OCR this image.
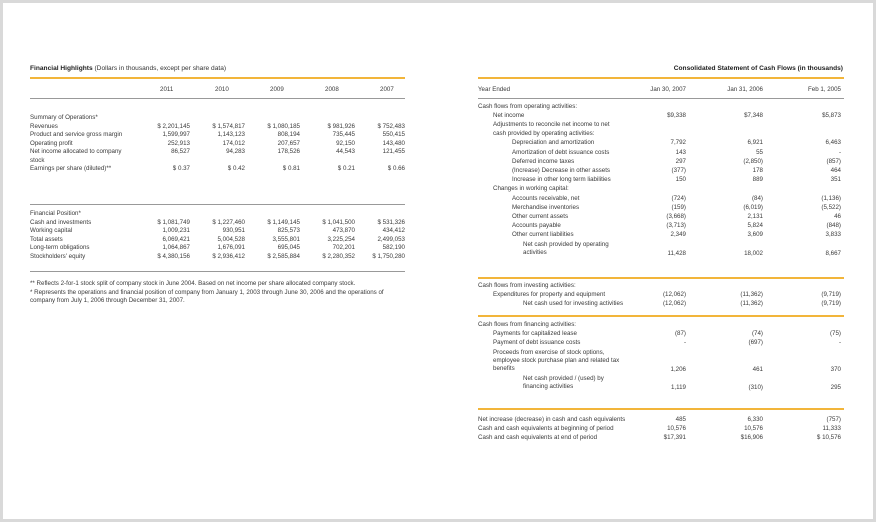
Financial Highlights (Dollars in thousands, except per share data)
2011	2010	2009	2008	2007
Summary of Operations*
Revenues	$ 2,201,145	$ 1,574,817	$ 1,080,185	$ 981,926	$ 752,483
Product and service gross margin	1,599,997	1,143,123	808,194	735,445	550,415
Operating profit	252,913	174,012	207,657	92,150	143,480
Net income allocated to company stock	86,527	94,283	178,526	44,543	121,455
Earnings per share (diluted)**	$ 0.37	$ 0.42	$ 0.81	$ 0.21	$ 0.66
Financial Position*
Cash and investments	$ 1,081,749	$ 1,227,460	$ 1,149,145	$ 1,041,500	$ 531,326
Working capital	1,009,231	930,951	825,573	473,870	434,412
Total assets	6,069,421	5,004,528	3,555,801	3,225,254	2,499,053
Long-term obligations	1,064,867	1,676,091	695,045	702,201	582,190
Stockholders' equity	$ 4,380,156	$ 2,936,412	$ 2,585,884	$ 2,280,352	$ 1,750,280
** Reflects 2-for-1 stock split of company stock in June 2004. Based on net income per share allocated company stock.
* Represents the operations and financial position of company from January 1, 2003 through June 30, 2006 and the operations of company from July 1, 2006 through December 31, 2007.
Consolidated Statement of Cash Flows (in thousands)
Year Ended	Jan 30, 2007	Jan 31, 2006	Feb 1, 2005
Cash flows from operating activities:
Net income	$9,338	$7,348	$5,873
Adjustments to reconcile net income to net cash provided by operating activities:
Depreciation and amortization	7,792	6,921	6,463
Amortization of debt issuance costs	143	55	-
Deferred income taxes	297	(2,850)	(857)
(Increase) Decrease in other assets	(377)	178	464
Increase in other long term liabilities	150	889	351
Changes in working capital:
Accounts receivable, net	(724)	(84)	(1,136)
Merchandise inventories	(159)	(6,019)	(5,522)
Other current assets	(3,668)	2,131	46
Accounts payable	(3,713)	5,824	(848)
Other current liabilities	2,349	3,609	3,833
Net cash provided by operating activities	11,428	18,002	8,667
Cash flows from investing activities:
Expenditures for property and equipment	(12,062)	(11,362)	(9,719)
Net cash used for investing activities	(12,062)	(11,362)	(9,719)
Cash flows from financing activities:
Payments for capitalized lease	(87)	(74)	(75)
Payment of debt issuance costs	-	(697)	-
Proceeds from exercise of stock options, employee stock purchase plan and related tax benefits	1,206	461	370
Net cash provided / (used) by financing activities	1,119	(310)	295
Net increase (decrease) in cash and cash equivalents	485	6,330	(757)
Cash and cash equivalents at beginning of period	10,576	10,576	11,333
Cash and cash equivalents at end of period	$17,391	$16,906	$ 10,576
